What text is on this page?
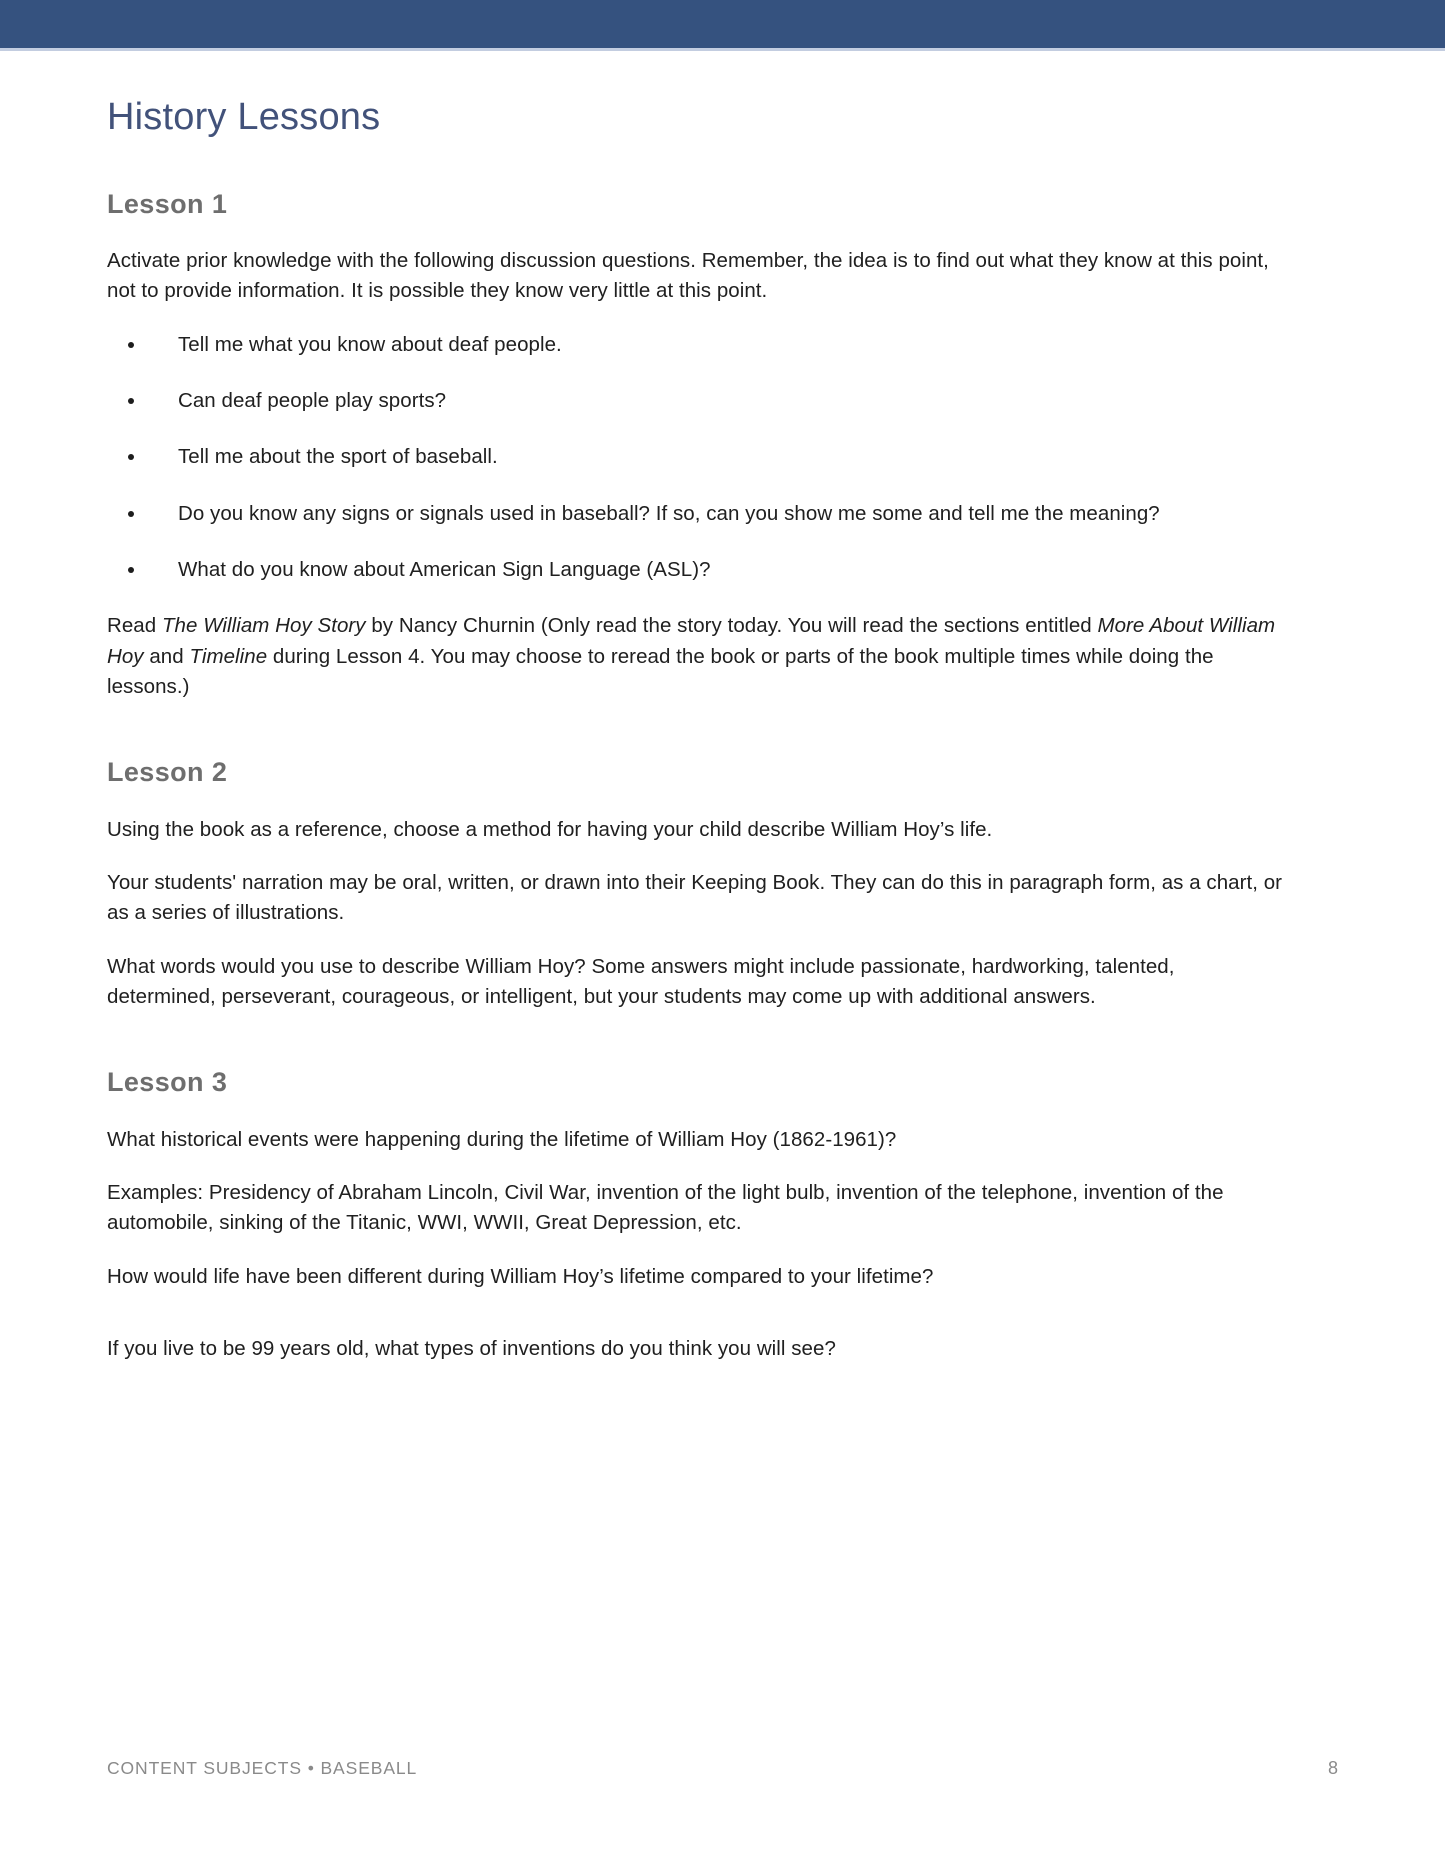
History Lessons
Lesson 1

Activate prior knowledge with the following discussion questions. Remember, the idea is to find out what they know at this point, not to provide information. It is possible they know very little at this point.

Tell me what you know about deaf people.
Can deaf people play sports?
Tell me about the sport of baseball.
Do you know any signs or signals used in baseball? If so, can you show me some and tell me the meaning?
What do you know about American Sign Language (ASL)?

Read The William Hoy Story by Nancy Churnin (Only read the story today. You will read the sections entitled More About William Hoy and Timeline during Lesson 4. You may choose to reread the book or parts of the book multiple times while doing the lessons.)

Lesson 2

Using the book as a reference, choose a method for having your child describe William Hoy’s life.

Your students' narration may be oral, written, or drawn into their Keeping Book. They can do this in paragraph form, as a chart, or as a series of illustrations.

What words would you use to describe William Hoy? Some answers might include passionate, hardworking, talented, determined, perseverant, courageous, or intelligent, but your students may come up with additional answers.

Lesson 3

What historical events were happening during the lifetime of William Hoy (1862-1961)?

Examples: Presidency of Abraham Lincoln, Civil War, invention of the light bulb, invention of the telephone, invention of the automobile, sinking of the Titanic, WWI, WWII, Great Depression, etc.

How would life have been different during William Hoy’s lifetime compared to your lifetime?

If you live to be 99 years old, what types of inventions do you think you will see?

CONTENT SUBJECTS • BASEBALL	8
